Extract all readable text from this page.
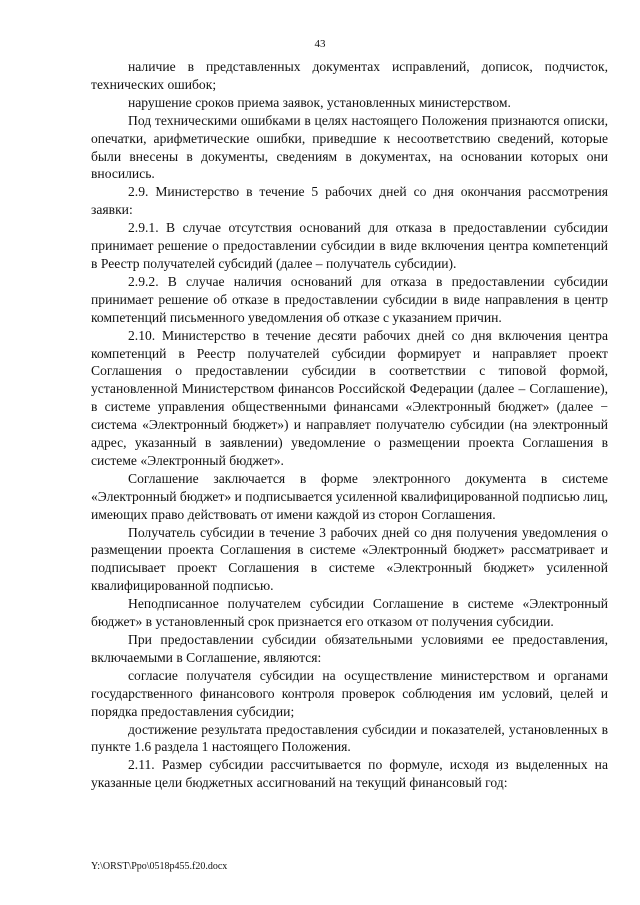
43

наличие в представленных документах исправлений, дописок, подчисток, технических ошибок;

нарушение сроков приема заявок, установленных министерством.

Под техническими ошибками в целях настоящего Положения признаются описки, опечатки, арифметические ошибки, приведшие к несоответствию сведений, которые были внесены в документы, сведениям в документах, на основании которых они вносились.

2.9. Министерство в течение 5 рабочих дней со дня окончания рассмотрения заявки:

2.9.1. В случае отсутствия оснований для отказа в предоставлении субсидии принимает решение о предоставлении субсидии в виде включения центра компетенций в Реестр получателей субсидий (далее – получатель субсидии).

2.9.2. В случае наличия оснований для отказа в предоставлении субсидии принимает решение об отказе в предоставлении субсидии в виде направления в центр компетенций письменного уведомления об отказе с указанием причин.

2.10. Министерство в течение десяти рабочих дней со дня включения центра компетенций в Реестр получателей субсидии формирует и направляет проект Соглашения о предоставлении субсидии в соответствии с типовой формой, установленной Министерством финансов Российской Федерации (далее – Соглашение), в системе управления общественными финансами «Электронный бюджет» (далее − система «Электронный бюджет») и направляет получателю субсидии (на электронный адрес, указанный в заявлении) уведомление о размещении проекта Соглашения в системе «Электронный бюджет».

Соглашение заключается в форме электронного документа в системе «Электронный бюджет» и подписывается усиленной квалифицированной подписью лиц, имеющих право действовать от имени каждой из сторон Соглашения.

Получатель субсидии в течение 3 рабочих дней со дня получения уведомления о размещении проекта Соглашения в системе «Электронный бюджет» рассматривает и подписывает проект Соглашения в системе «Электронный бюджет» усиленной квалифицированной подписью.

Неподписанное получателем субсидии Соглашение в системе «Электронный бюджет» в установленный срок признается его отказом от получения субсидии.

При предоставлении субсидии обязательными условиями ее предоставления, включаемыми в Соглашение, являются:

согласие получателя субсидии на осуществление министерством и органами государственного финансового контроля проверок соблюдения им условий, целей и порядка предоставления субсидии;

достижение результата предоставления субсидии и показателей, установленных в пункте 1.6 раздела 1 настоящего Положения.

2.11. Размер субсидии рассчитывается по формуле, исходя из выделенных на указанные цели бюджетных ассигнований на текущий финансовый год:

Y:\ORST\Ppo\0518p455.f20.docx
